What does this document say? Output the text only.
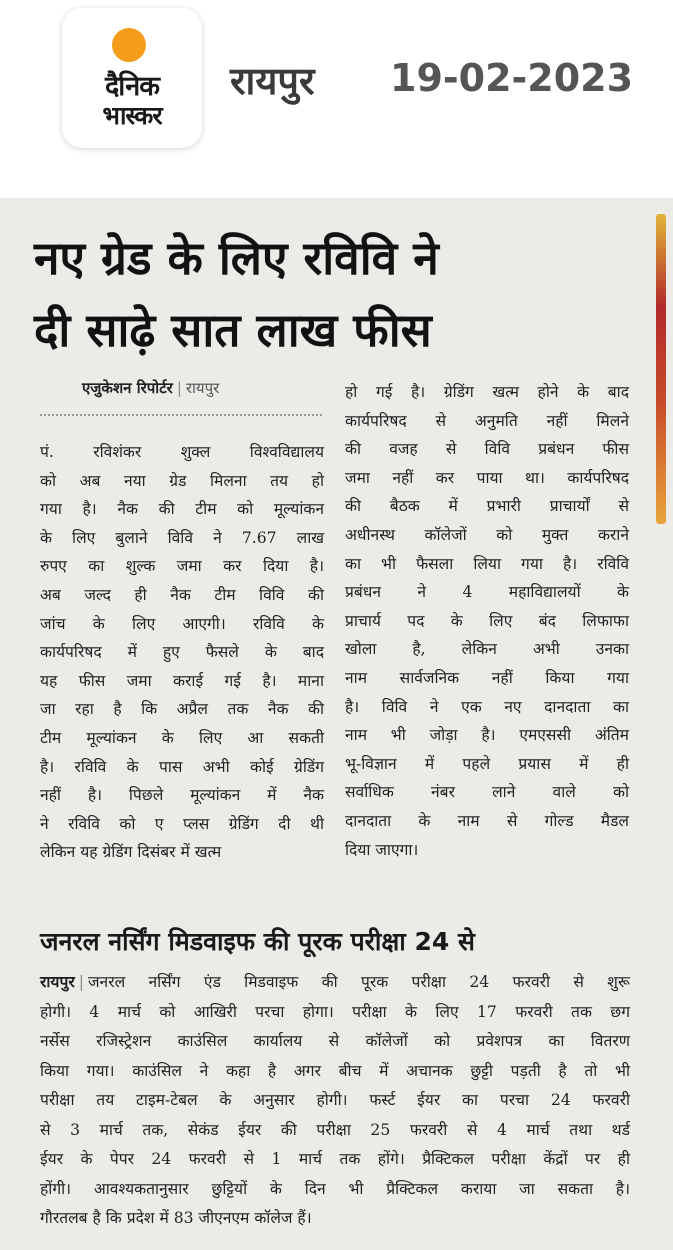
दैनिक
भास्कर
रायपुर 19-02-2023
नए ग्रेड के लिए रविवि ने
दी साढ़े सात लाख फीस
एजुकेशन रिपोर्टर | रायपुर

पं. रविशंकर शुक्ल विश्वविद्यालय

को अब नया ग्रेड मिलना तय हो

गया है। नैक की टीम को मूल्यांकन

के लिए बुलाने विवि ने 7.67 लाख

रुपए का शुल्क जमा कर दिया है।

अब जल्द ही नैक टीम विवि की

जांच के लिए आएगी। रविवि के

कार्यपरिषद में हुए फैसले के बाद

यह फीस जमा कराई गई है। माना

जा रहा है कि अप्रैल तक नैक की

टीम मूल्यांकन के लिए आ सकती

है। रविवि के पास अभी कोई ग्रेडिंग

नहीं है। पिछले मूल्यांकन में नैक

ने रविवि को ए प्लस ग्रेडिंग दी थी

लेकिन यह ग्रेडिंग दिसंबर में खत्म

हो गई है। ग्रेडिंग खत्म होने के बाद

कार्यपरिषद से अनुमति नहीं मिलने

की वजह से विवि प्रबंधन फीस

जमा नहीं कर पाया था। कार्यपरिषद

की बैठक में प्रभारी प्राचार्यों से

अधीनस्थ कॉलेजों को मुक्त कराने

का भी फैसला लिया गया है। रविवि

प्रबंधन ने 4 महाविद्यालयों के

प्राचार्य पद के लिए बंद लिफाफा

खोला है, लेकिन अभी उनका

नाम सार्वजनिक नहीं किया गया

है। विवि ने एक नए दानदाता का

नाम भी जोड़ा है। एमएससी अंतिम

भू-विज्ञान में पहले प्रयास में ही

सर्वाधिक नंबर लाने वाले को

दानदाता के नाम से गोल्ड मैडल

दिया जाएगा।

जनरल नर्सिंग मिडवाइफ की पूरक परीक्षा 24 से

रायपुर | जनरल नर्सिंग एंड मिडवाइफ की पूरक परीक्षा 24 फरवरी से शुरू

होगी। 4 मार्च को आखिरी परचा होगा। परीक्षा के लिए 17 फरवरी तक छग

नर्सेस रजिस्ट्रेशन काउंसिल कार्यालय से कॉलेजों को प्रवेशपत्र का वितरण

किया गया। काउंसिल ने कहा है अगर बीच में अचानक छुट्टी पड़ती है तो भी

परीक्षा तय टाइम-टेबल के अनुसार होगी। फर्स्ट ईयर का परचा 24 फरवरी

से 3 मार्च तक, सेकंड ईयर की परीक्षा 25 फरवरी से 4 मार्च तथा थर्ड

ईयर के पेपर 24 फरवरी से 1 मार्च तक होंगे। प्रैक्टिकल परीक्षा केंद्रों पर ही

होंगी। आवश्यकतानुसार छुट्टियों के दिन भी प्रैक्टिकल कराया जा सकता है।

गौरतलब है कि प्रदेश में 83 जीएनएम कॉलेज हैं।
